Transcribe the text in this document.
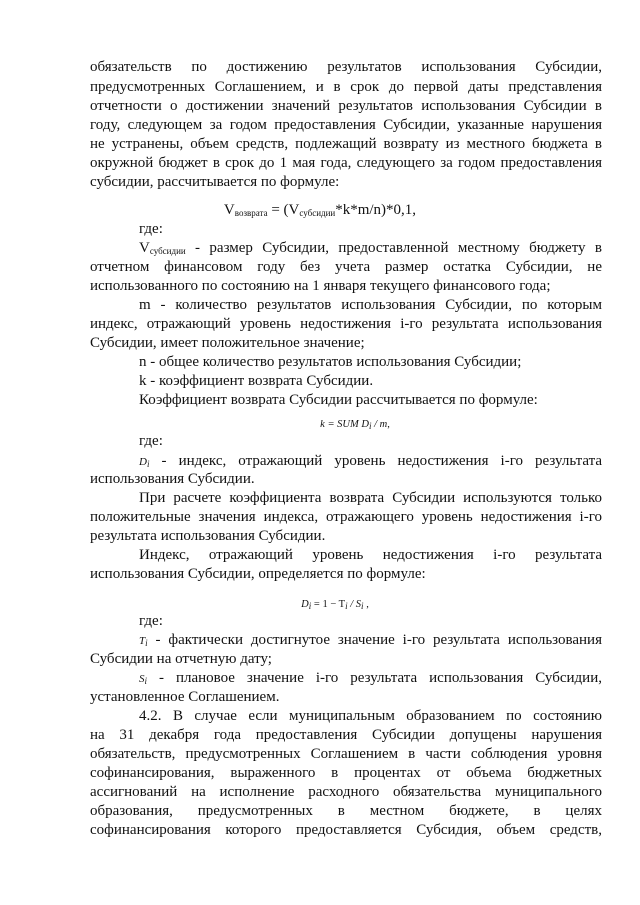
обязательств по достижению результатов использования Субсидии,

предусмотренных Соглашением, и в срок до первой даты представления

отчетности о достижении значений результатов использования Субсидии в

году, следующем за годом предоставления Субсидии, указанные нарушения

не устранены, объем средств, подлежащий возврату из местного бюджета в

окружной бюджет в срок до 1 мая года, следующего за годом предоставления

субсидии, рассчитывается по формуле:

$V_{возврата} = (V_{субсидии}*k*m/n)*0,1$,

где:

$V_{субсидии}$ - размер Субсидии, предоставленной местному бюджету в

отчетном финансовом году без учета размер остатка Субсидии, не

использованного по состоянию на 1 января текущего финансового года;

m - количество результатов использования Субсидии, по которым

индекс, отражающий уровень недостижения i-го результата использования

Субсидии, имеет положительное значение;

n - общее количество результатов использования Субсидии;

k - коэффициент возврата Субсидии.

Коэффициент возврата Субсидии рассчитывается по формуле:

k = SUM Di / m,

где:

$D_i$ - индекс, отражающий уровень недостижения i-го результата

использования Субсидии.

При расчете коэффициента возврата Субсидии используются только

положительные значения индекса, отражающего уровень недостижения i-го

результата использования Субсидии.

Индекс, отражающий уровень недостижения i-го результата

использования Субсидии, определяется по формуле:

Di = 1 − Ti / Si ,

где:

$T_i$ - фактически достигнутое значение i-го результата использования

Субсидии на отчетную дату;

$S_i$ - плановое значение i-го результата использования Субсидии,

установленное Соглашением.

4.2. В случае если муниципальным образованием по состоянию

на 31 декабря года предоставления Субсидии допущены нарушения

обязательств, предусмотренных Соглашением в части соблюдения уровня

софинансирования, выраженного в процентах от объема бюджетных

ассигнований на исполнение расходного обязательства муниципального

образования, предусмотренных в местном бюджете, в целях

софинансирования которого предоставляется Субсидия, объем средств,
